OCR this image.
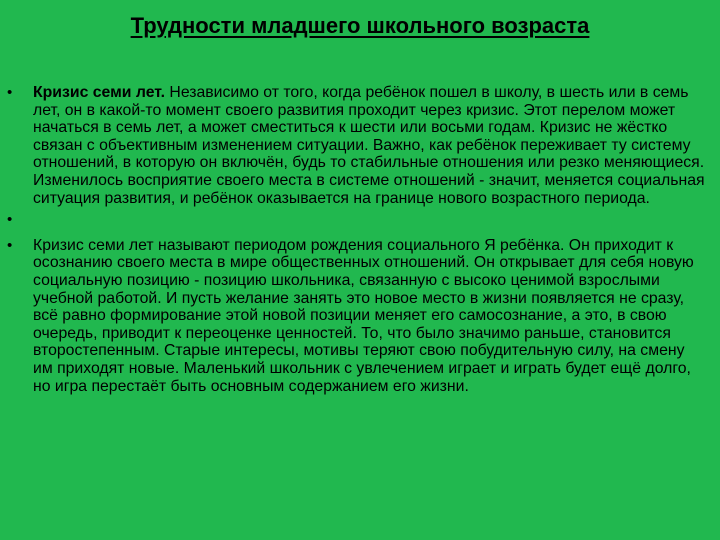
Трудности младшего школьного возраста
• Кризис семи лет. Независимо от того, когда ребёнок пошел в школу, в шесть или в семь лет, он в какой-то момент своего развития проходит через кризис. Этот перелом может начаться в семь лет, а может сместиться к шести или восьми годам. Кризис не жёстко связан с объективным изменением ситуации. Важно, как ребёнок переживает ту систему отношений, в которую он включён, будь то стабильные отношения или резко меняющиеся. Изменилось восприятие своего места в системе отношений - значит, меняется социальная ситуация развития, и ребёнок оказывается на границе нового возрастного периода.
•
• Кризис семи лет называют периодом рождения социального Я ребёнка. Он приходит к осознанию своего места в мире общественных отношений. Он открывает для себя новую социальную позицию - позицию школьника, связанную с высоко ценимой взрослыми учебной работой. И пусть желание занять это новое место в жизни появляется не сразу, всё равно формирование этой новой позиции меняет его самосознание, а это, в свою очередь, приводит к переоценке ценностей. То, что было значимо раньше, становится второстепенным. Старые интересы, мотивы теряют свою побудительную силу, на смену им приходят новые. Маленький школьник с увлечением играет и играть будет ещё долго, но игра перестаёт быть основным содержанием его жизни.
